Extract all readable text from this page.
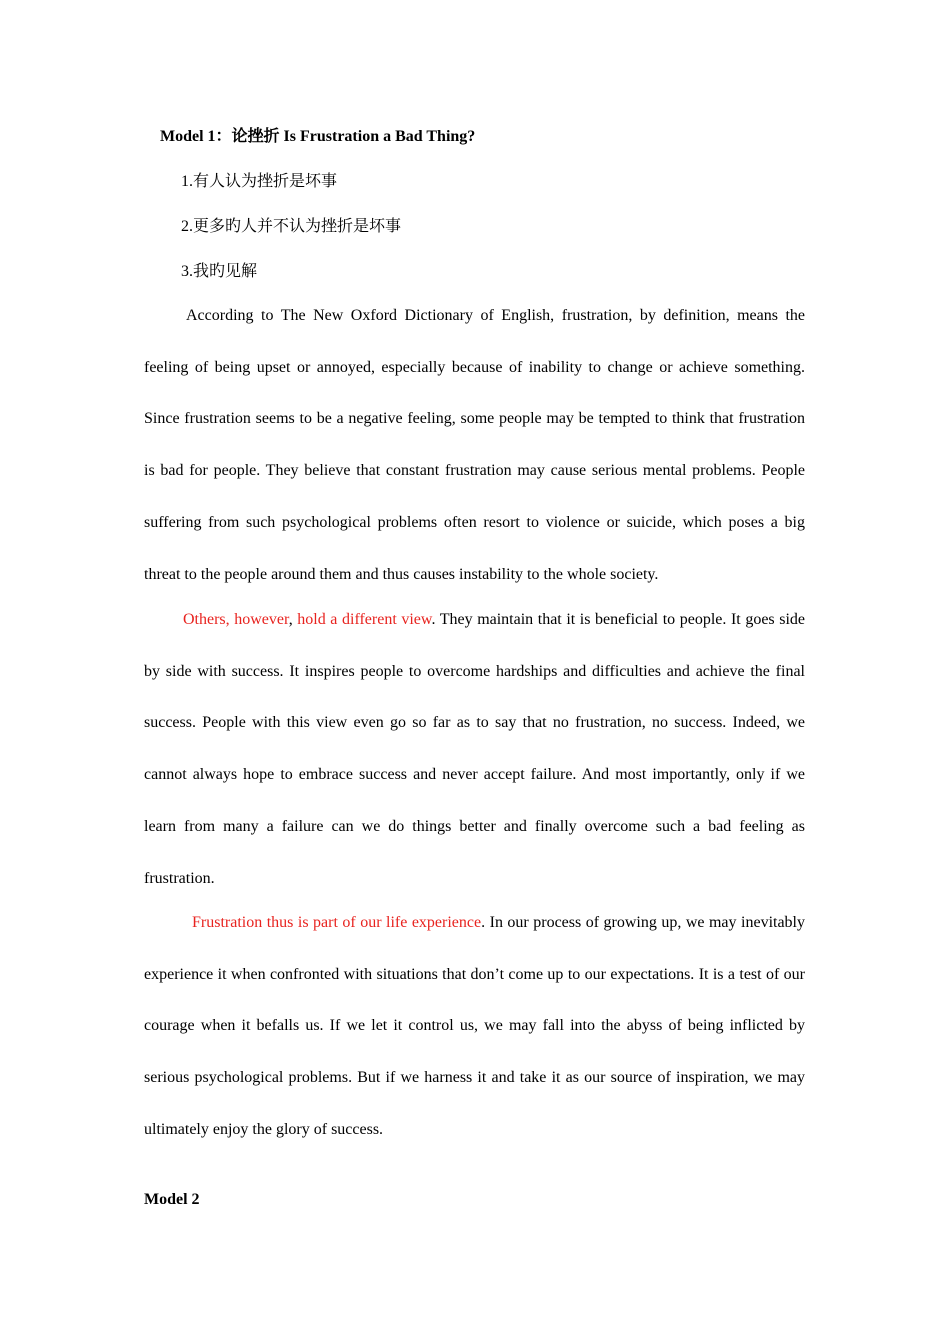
Model 1：论挫折 Is Frustration a Bad Thing?
1.有人认为挫折是坏事
2.更多旳人并不认为挫折是坏事
3.我旳见解

According to The New Oxford Dictionary of English, frustration, by definition, means the feeling of being upset or annoyed, especially because of inability to change or achieve something. Since frustration seems to be a negative feeling, some people may be tempted to think that frustration is bad for people. They believe that constant frustration may cause serious mental problems. People suffering from such psychological problems often resort to violence or suicide, which poses a big threat to the people around them and thus causes instability to the whole society.

Others, however, hold a different view. They maintain that it is beneficial to people. It goes side by side with success. It inspires people to overcome hardships and difficulties and achieve the final success. People with this view even go so far as to say that no frustration, no success. Indeed, we cannot always hope to embrace success and never accept failure. And most importantly, only if we learn from many a failure can we do things better and finally overcome such a bad feeling as frustration.

Frustration thus is part of our life experience. In our process of growing up, we may inevitably experience it when confronted with situations that don’t come up to our expectations. It is a test of our courage when it befalls us. If we let it control us, we may fall into the abyss of being inflicted by serious psychological problems. But if we harness it and take it as our source of inspiration, we may ultimately enjoy the glory of success.

Model 2
